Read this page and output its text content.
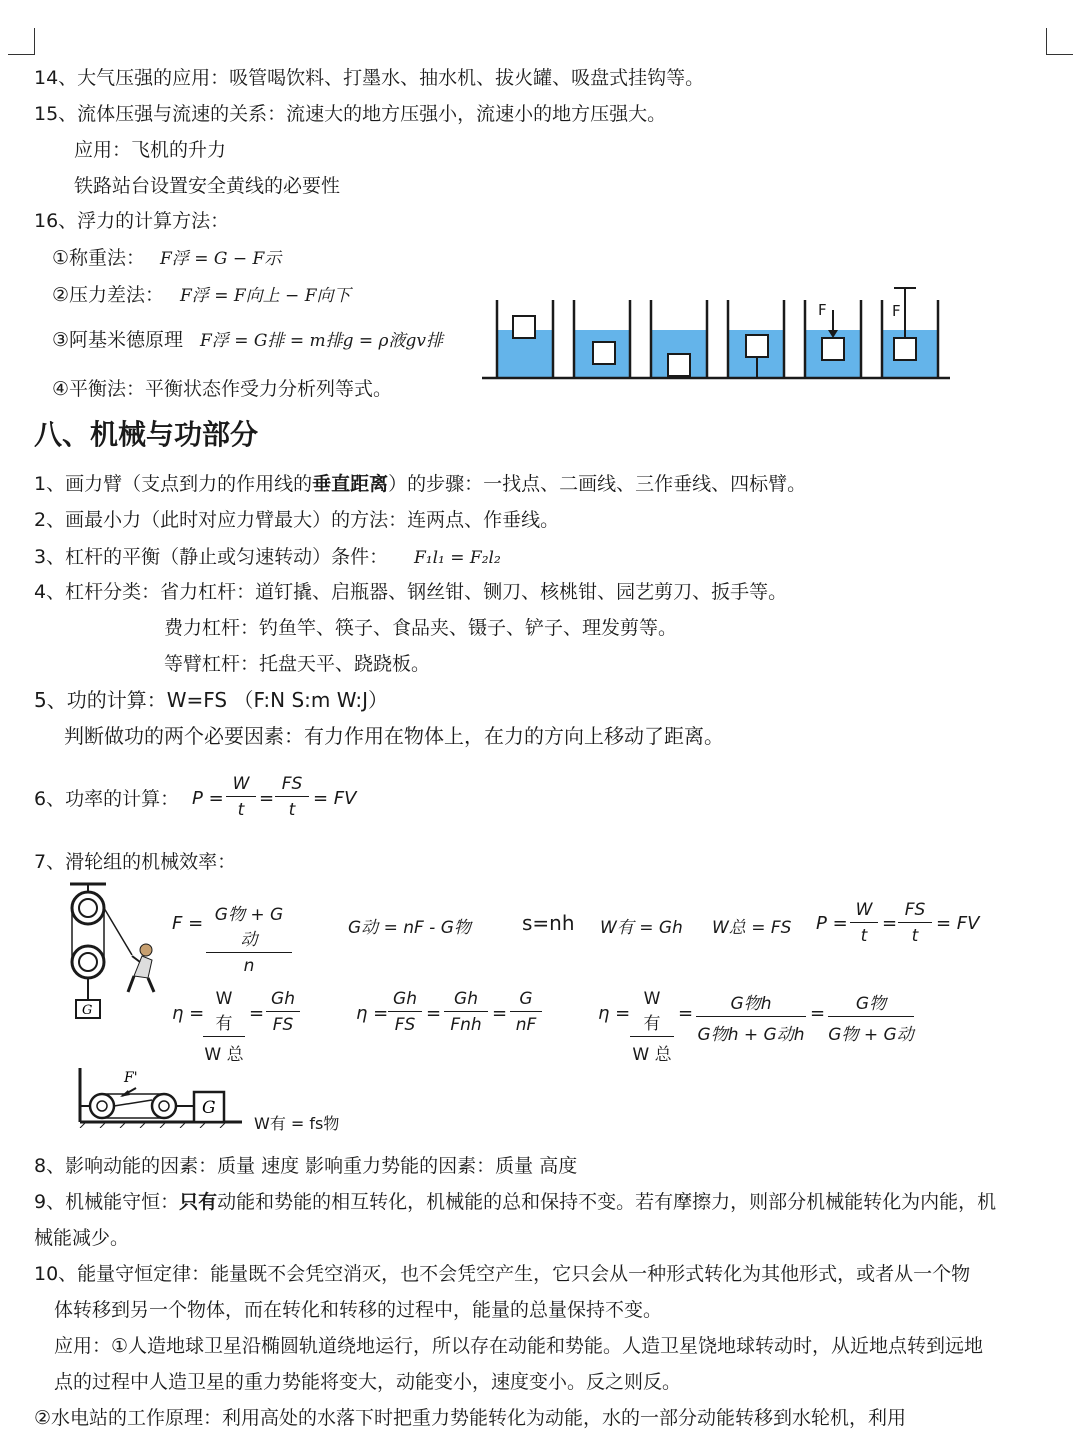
14、大气压强的应用：吸管喝饮料、打墨水、抽水机、拔火罐、吸盘式挂钩等。
15、流体压强与流速的关系：流速大的地方压强小，流速小的地方压强大。
应用：飞机的升力
铁路站台设置安全黄线的必要性
16、浮力的计算方法：
①称重法： F浮 = G − F示
②压力差法： F浮 = F向上 − F向下
③阿基米德原理 F浮 = G排 = m排g = ρ液gv排
④平衡法：平衡状态作受力分析列等式。
F	F
八、机械与功部分
1、画力臂（支点到力的作用线的垂直距离）的步骤：一找点、二画线、三作垂线、四标臂。
2、画最小力（此时对应力臂最大）的方法：连两点、作垂线。
3、杠杆的平衡（静止或匀速转动）条件： F₁l₁ = F₂l₂
4、杠杆分类：省力杠杆：道钉撬、启瓶器、钢丝钳、铡刀、核桃钳、园艺剪刀、扳手等。
费力杠杆：钓鱼竿、筷子、食品夹、镊子、铲子、理发剪等。
等臂杠杆：托盘天平、跷跷板。
5、功的计算：W=FS （F:N S:m W:J）
判断做功的两个必要因素：有力作用在物体上，在力的方向上移动了距离。
6、功率的计算： $P = \frac{W}{t} = \frac{FS}{t}$ = FV
7、滑轮组的机械效率：
G
F = G物 + G动
n
G动 = nF - G物	s=nh W有 = Gh W总 = FS $P = \frac{W}{t} = \frac{FS}{t}$ = FV
η =
W 有
W 总
= $\frac{Gh}{FS}$	$\eta = \frac{Gh}{FS}$ =
Gh
Fnh
= $\frac{G}{nF}$	η =
W 有
W 总
=	G物h
G物h + G动h
=	G物
G物 + G动
G
F'
W有 = fs物
8、影响动能的因素：质量 速度 影响重力势能的因素：质量 高度
9、机械能守恒：只有动能和势能的相互转化，机械能的总和保持不变。若有摩擦力，则部分机械能转化为内能，机
械能减少。
10、能量守恒定律：能量既不会凭空消灭，也不会凭空产生，它只会从一种形式转化为其他形式，或者从一个物
体转移到另一个物体，而在转化和转移的过程中，能量的总量保持不变。
应用：①人造地球卫星沿椭圆轨道绕地运行，所以存在动能和势能。人造卫星饶地球转动时，从近地点转到远地
点的过程中人造卫星的重力势能将变大，动能变小，速度变小。反之则反。
②水电站的工作原理：利用高处的水落下时把重力势能转化为动能，水的一部分动能转移到水轮机，利用
